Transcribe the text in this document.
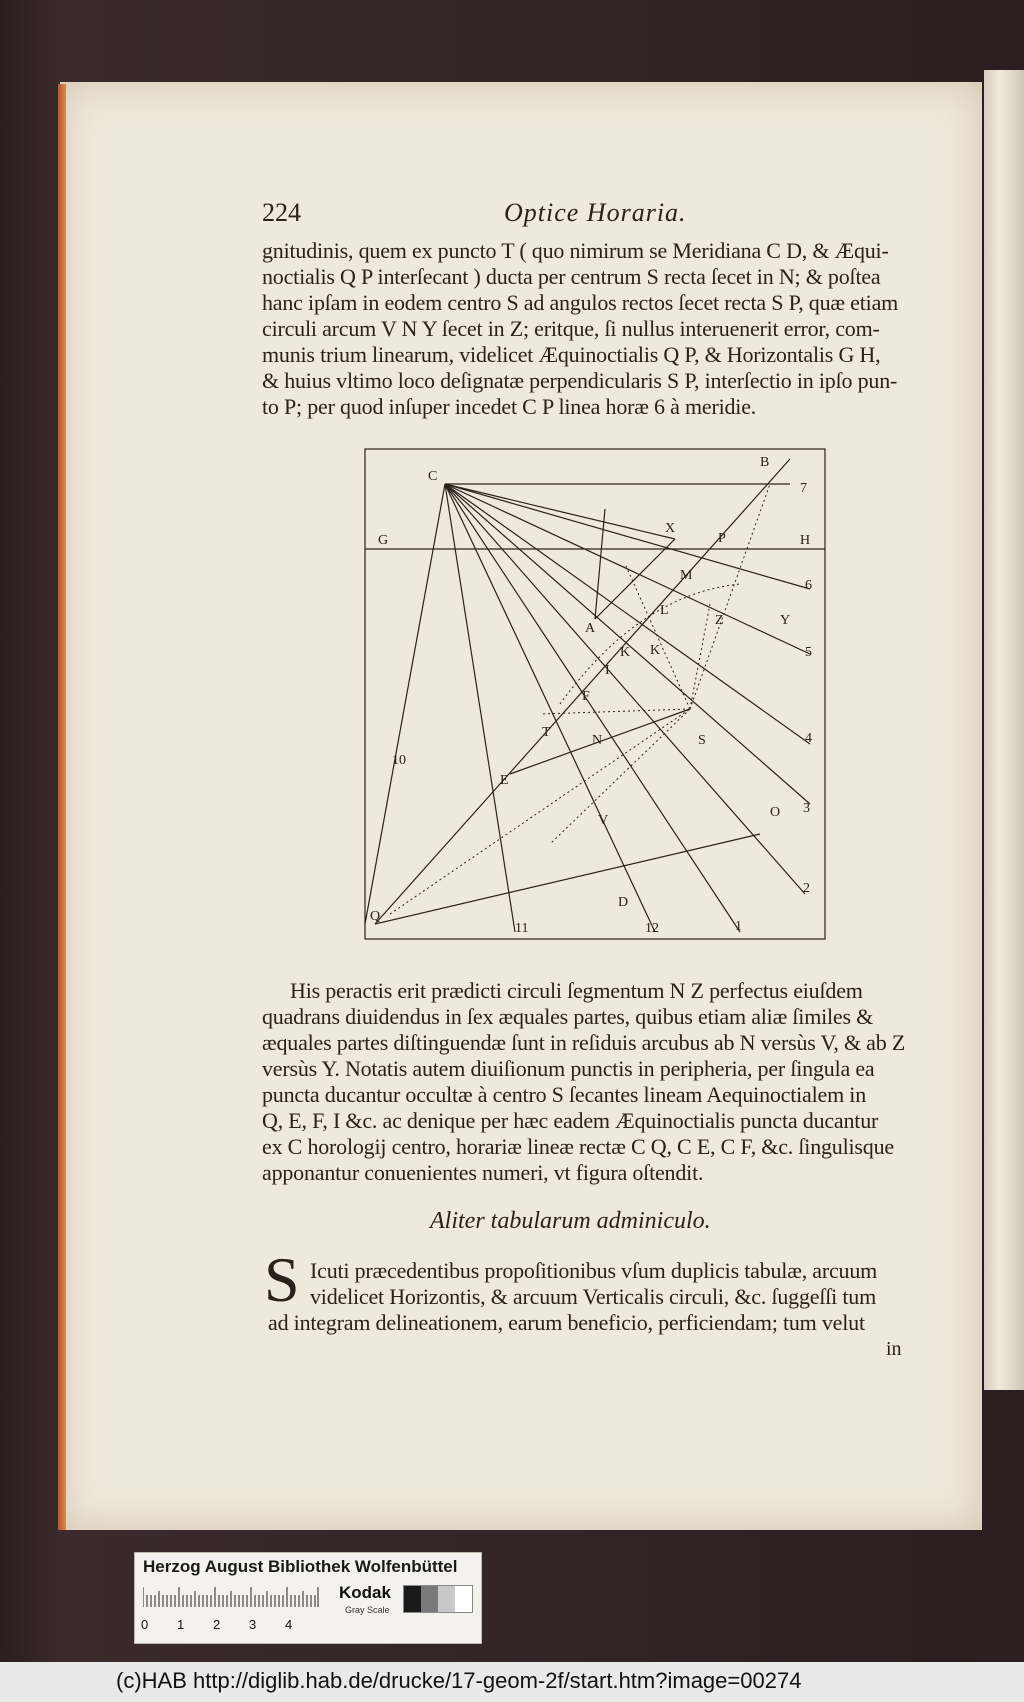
224	Optice Horaria.
gnitudinis, quem ex puncto T ( quo nimirum se Meridiana C D, & Æqui-
noctialis Q P interſecant ) ducta per centrum S recta ſecet in N; & poſtea
hanc ipſam in eodem centro S ad angulos rectos ſecet recta S P, quæ etiam
circuli arcum V N Y ſecet in Z; eritque, ſi nullus interuenerit error, com-
munis trium linearum, videlicet Æquinoctialis Q P, & Horizontalis G H,
& huius vltimo loco deſignatæ perpendicularis S P, interſectio in ipſo pun-
to P; per quod inſuper incedet C P linea horæ 6 à meridie.
C
B
G	H
X
P
M
A
L
Z	Y
K K
I
F
T
N	S
E
V
O
Q
D
7
6
5
4
3
2
1
12
11
10
His peractis erit prædicti circuli ſegmentum N Z perfectus eiuſdem
quadrans diuidendus in ſex æquales partes, quibus etiam aliæ ſimiles &
æquales partes diſtinguendæ ſunt in reſiduis arcubus ab N versùs V, & ab Z
versùs Y. Notatis autem diuiſionum punctis in peripheria, per ſingula ea
puncta ducantur occultæ à centro S ſecantes lineam Aequinoctialem in
Q, E, F, I &c. ac denique per hæc eadem Æquinoctialis puncta ducantur
ex C horologij centro, horariæ lineæ rectæ C Q, C E, C F, &c. ſingulisque
apponantur conuenientes numeri, vt figura oſtendit.
Aliter tabularum adminiculo.
S Icuti præcedentibus propoſitionibus vſum duplicis tabulæ, arcuum
videlicet Horizontis, & arcuum Verticalis circuli, &c. ſuggeſſi tum
ad integram delineationem, earum beneficio, perficiendam; tum velut
in
Herzog August Bibliothek Wolfenbüttel
0 1 2 3 4
Kodak
Gray Scale
(c)HAB http://diglib.hab.de/drucke/17-geom-2f/start.htm?image=00274
